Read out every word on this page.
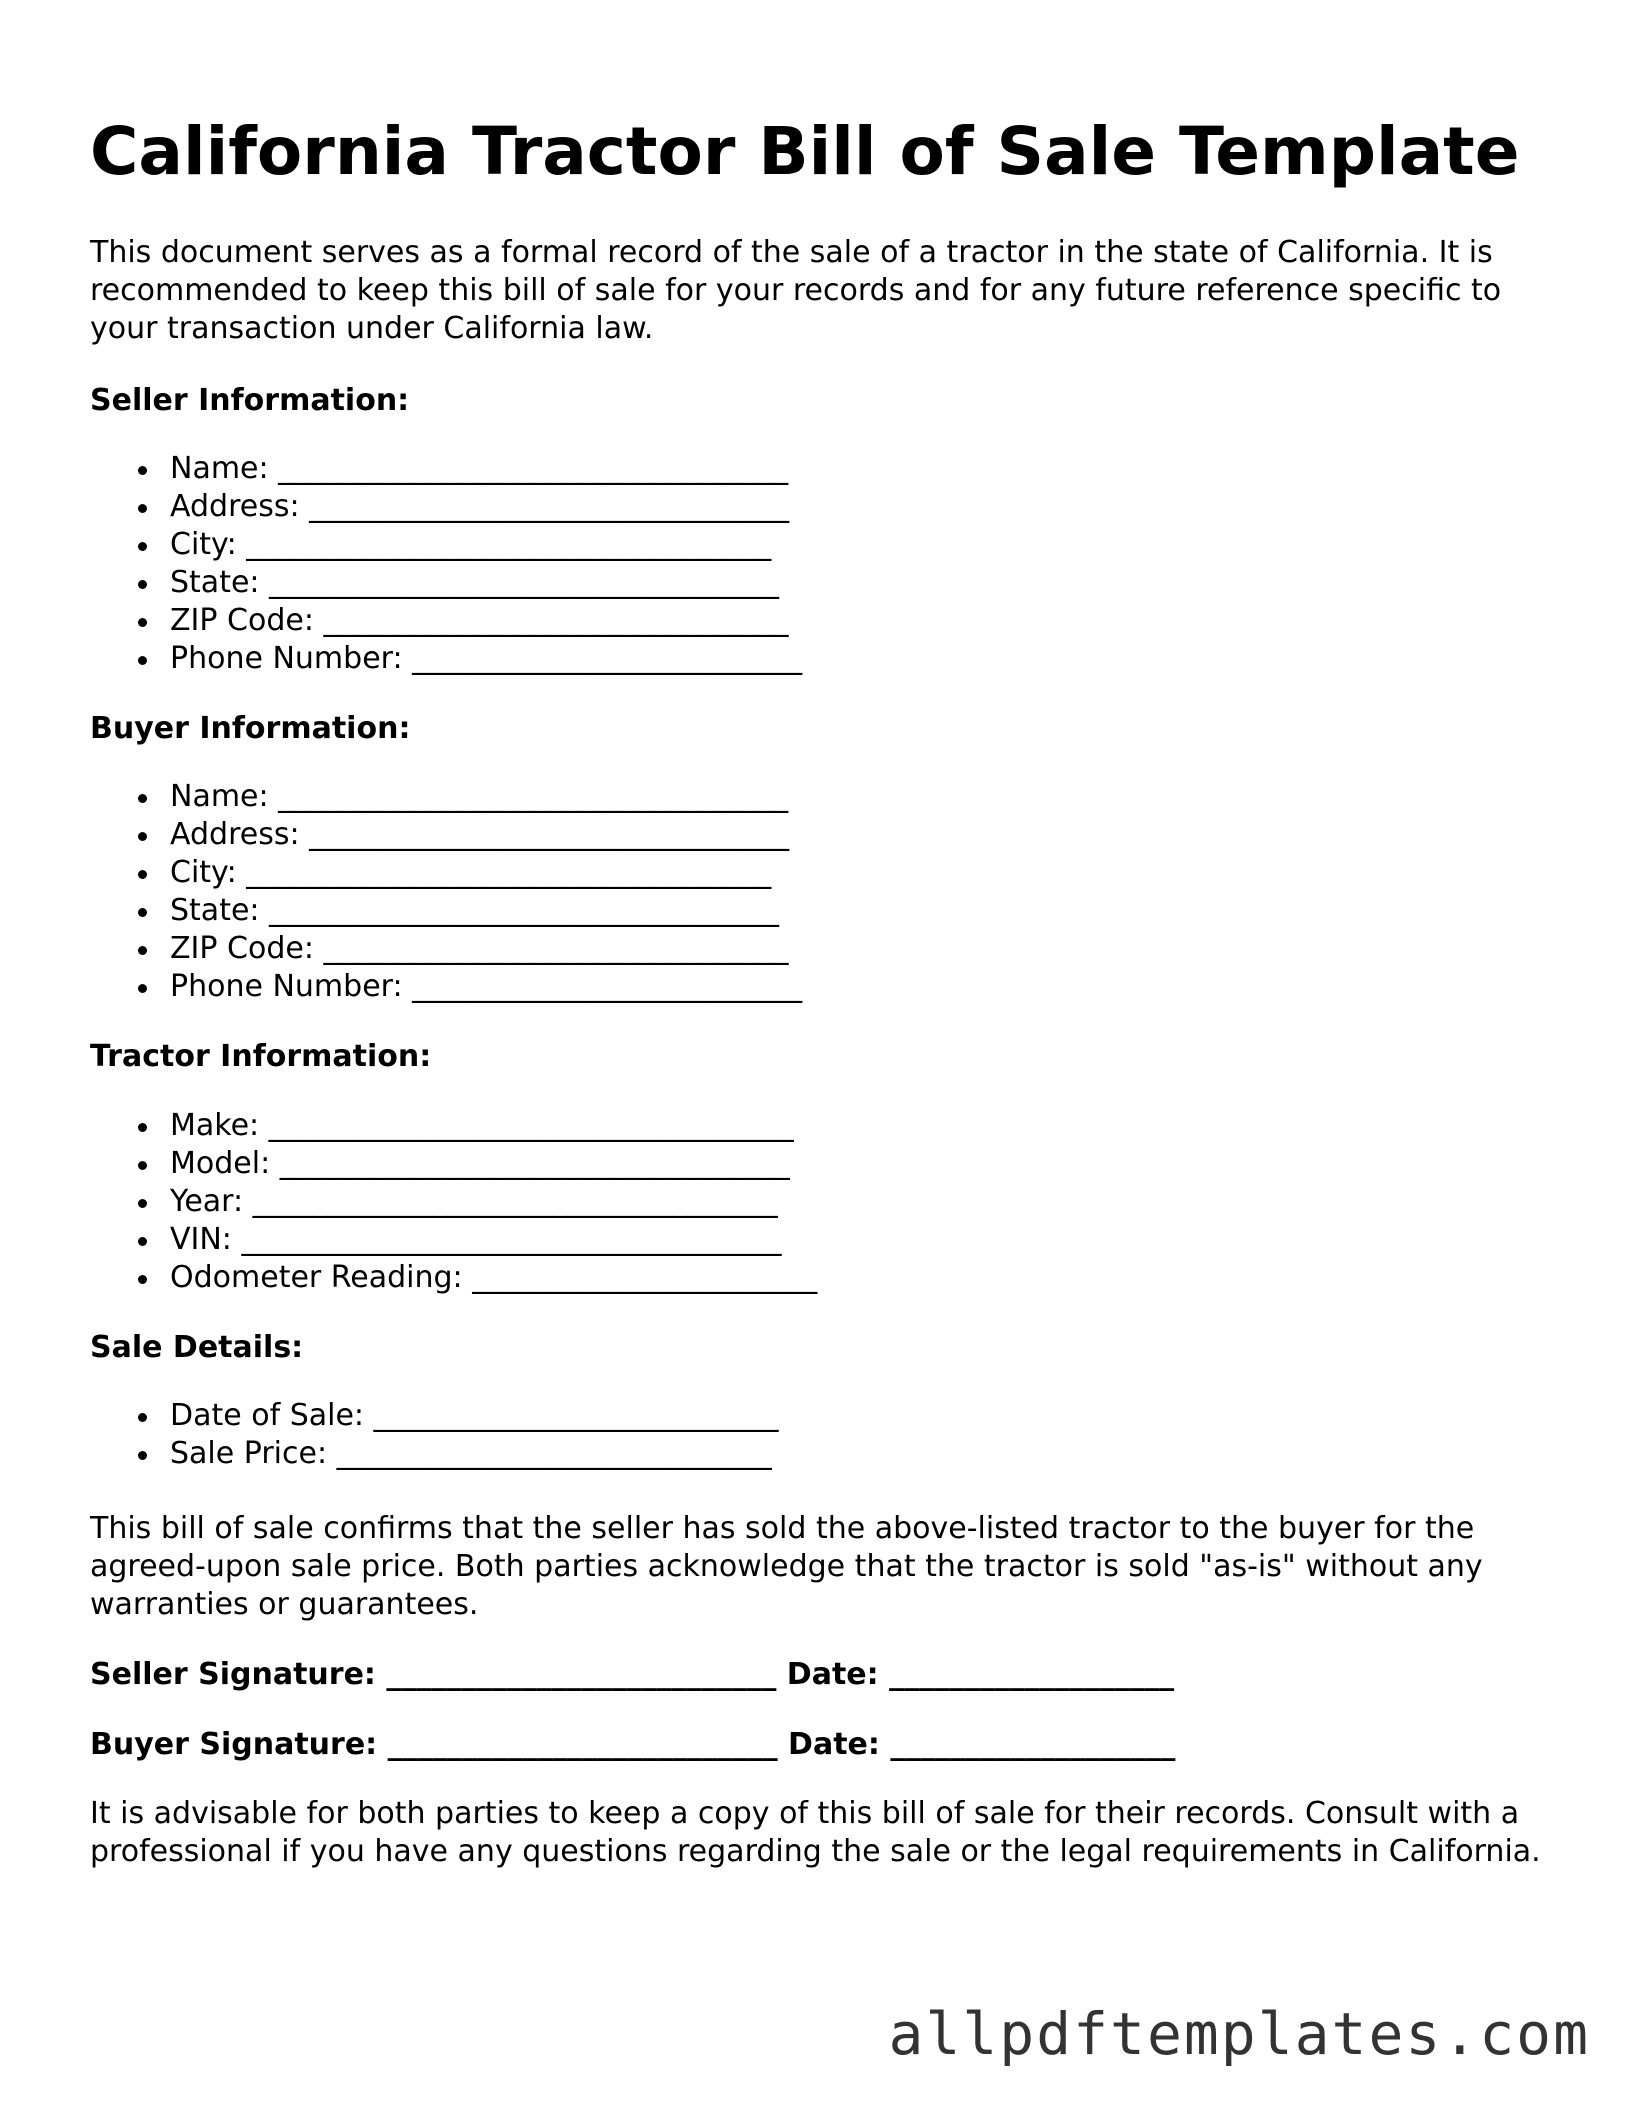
California Tractor Bill of Sale Template

This document serves as a formal record of the sale of a tractor in the state of California. It is recommended to keep this bill of sale for your records and for any future reference specific to your transaction under California law.

Seller Information:
Name: __________________________________
Address: ________________________________
City: ___________________________________
State: __________________________________
ZIP Code: _______________________________
Phone Number: __________________________
Buyer Information:
Name: __________________________________
Address: ________________________________
City: ___________________________________
State: __________________________________
ZIP Code: _______________________________
Phone Number: __________________________
Tractor Information:
Make: ___________________________________
Model: __________________________________
Year: ___________________________________
VIN: ____________________________________
Odometer Reading: _______________________
Sale Details:
Date of Sale: ___________________________
Sale Price: _____________________________

This bill of sale confirms that the seller has sold the above-listed tractor to the buyer for the agreed-upon sale price. Both parties acknowledge that the tractor is sold "as-is" without any warranties or guarantees.

Seller Signature: __________________________ Date: ___________________
Buyer Signature: __________________________ Date: ___________________

It is advisable for both parties to keep a copy of this bill of sale for their records. Consult with a professional if you have any questions regarding the sale or the legal requirements in California.

allpdftemplates.com
